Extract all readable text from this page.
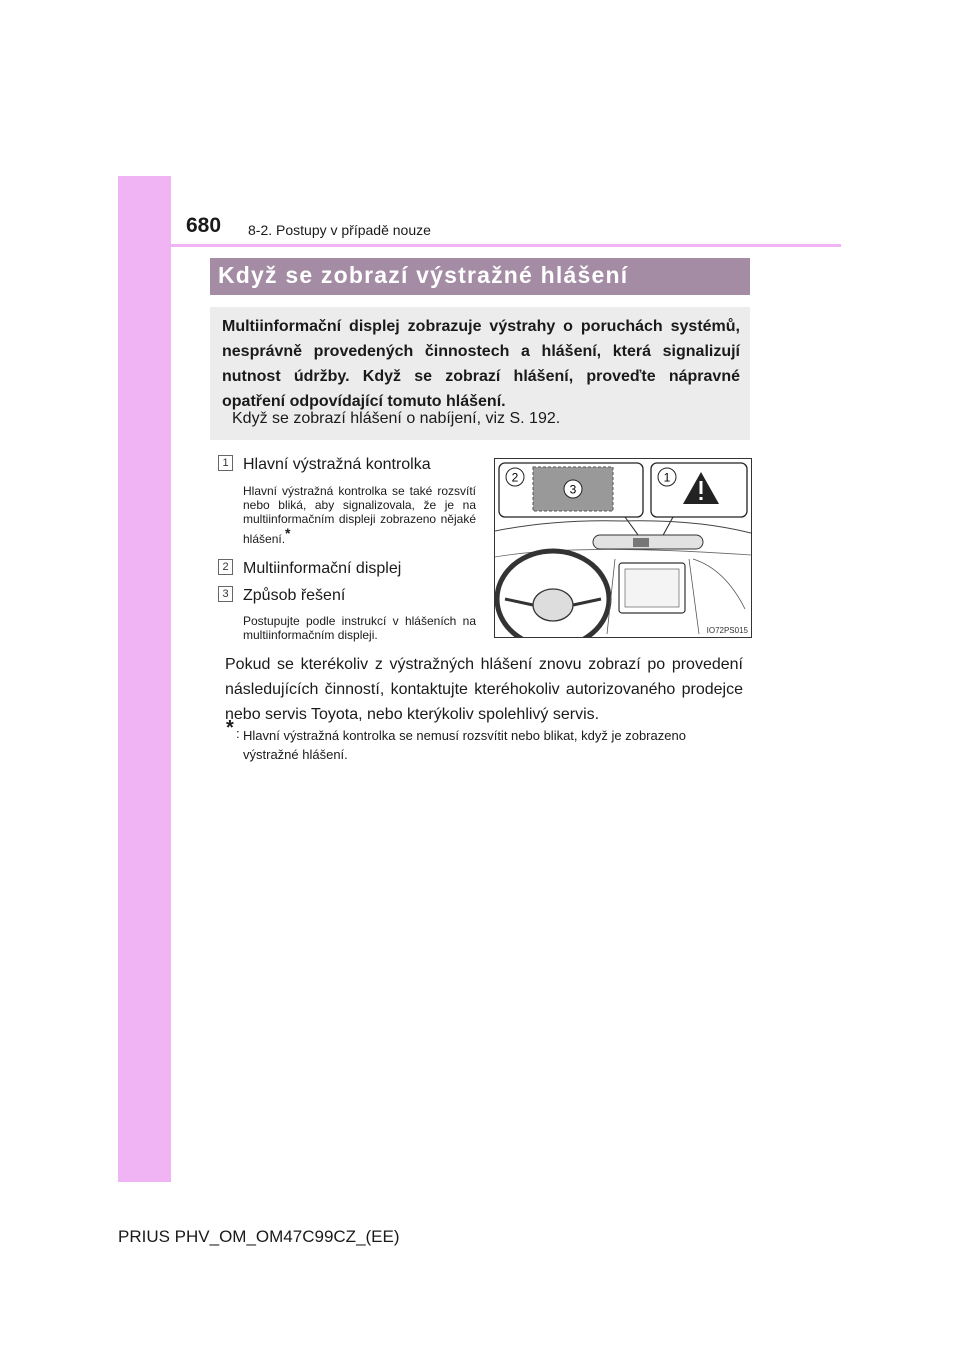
680 8-2. Postupy v případě nouze
Když se zobrazí výstražné hlášení

Multiinformační displej zobrazuje výstrahy o poruchách systémů, nesprávně provedených činnostech a hlášení, která signalizují nutnost údržby. Když se zobrazí hlášení, proveďte nápravné opatření odpovídající tomuto hlášení.

Když se zobrazí hlášení o nabíjení, viz S. 192.
1 Hlavní výstražná kontrolka

Hlavní výstražná kontrolka se také rozsvítí nebo bliká, aby signalizovala, že je na multiinformačním displeji zobrazeno nějaké hlášení.*

2 Multiinformační displej
3 Způsob řešení

Postupujte podle instrukcí v hlášeních na multiinformačním displeji.

2
3
1
IO72PS015

Pokud se kterékoliv z výstražných hlášení znovu zobrazí po provedení následujících činností, kontaktujte kteréhokoliv autorizovaného prodejce nebo servis Toyota, nebo kterýkoliv spolehlivý servis.

* : Hlavní výstražná kontrolka se nemusí rozsvítit nebo blikat, když je zobrazeno výstražné hlášení.

PRIUS PHV_OM_OM47C99CZ_(EE)
